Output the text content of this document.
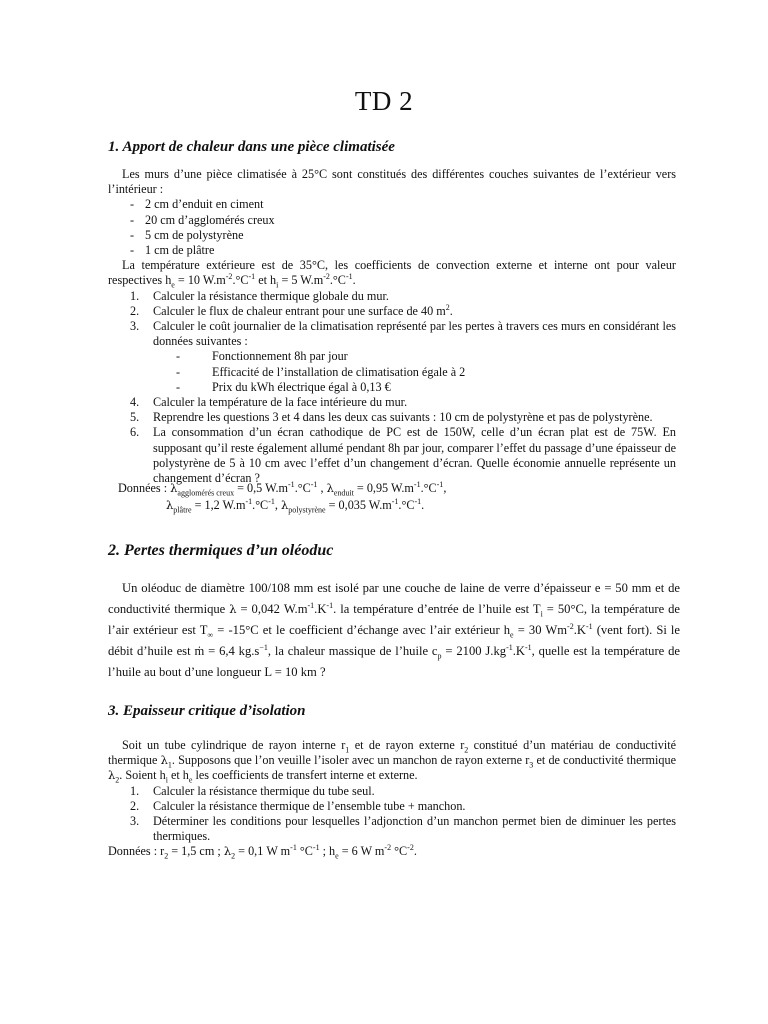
TD 2
1. Apport de chaleur dans une pièce climatisée

Les murs d’une pièce climatisée à 25°C sont constitués des différentes couches suivantes de l’extérieur vers l’intérieur :

- 2 cm d’enduit en ciment
- 20 cm d’agglomérés creux
- 5 cm de polystyrène
- 1 cm de plâtre

La température extérieure est de 35°C, les coefficients de convection externe et interne ont pour valeur respectives $h_e = 10$ $W.m^{-2}.^\circ C^{-1}$ et $h_i = 5$ $W.m^{-2}.^\circ C^{-1}$.

1. Calculer la résistance thermique globale du mur.
2. Calculer le flux de chaleur entrant pour une surface de 40 $m^2$.
3. Calculer le coût journalier de la climatisation représenté par les pertes à travers ces murs en considérant les données suivantes :
- Fonctionnement 8h par jour
- Efficacité de l’installation de climatisation égale à 2
- Prix du kWh électrique égal à 0,13 €
4. Calculer la température de la face intérieure du mur.
5. Reprendre les questions 3 et 4 dans les deux cas suivants : 10 cm de polystyrène et pas de polystyrène.
6. La consommation d’un écran cathodique de PC est de 150W, celle d’un écran plat est de 75W. En supposant qu’il reste également allumé pendant 8h par jour, comparer l’effet du passage d’une épaisseur de polystyrène de 5 à 10 cm avec l’effet d’un changement d’écran. Quelle économie annuelle représente un changement d’écran ?
Données : $\lambda_{agglomérés creux} = 0,5$ $W.m^{-1}.^\circ C^{-1}$ , $\lambda_{enduit} = 0,95$ $W.m^{-1}.^\circ C^{-1}$,
$\lambda_{plâtre} = 1,2$ $W.m^{-1}.^\circ C^{-1}$, $\lambda_{polystyrène} = 0,035$ $W.m^{-1}.^\circ C^{-1}$.
2. Pertes thermiques d’un oléoduc

Un oléoduc de diamètre 100/108 mm est isolé par une couche de laine de verre d’épaisseur e = 50 mm et de conductivité thermique λ = 0,042 $W.m^{-1}.K^{-1}$. la température d’entrée de l’huile est $T_i = 50^\circ C$, la température de l’air extérieur est $T_\infty = -15^\circ C$ et le coefficient d’échange avec l’air extérieur $h_e = 30$ $Wm^{-2}.K^{-1}$ (vent fort). Si le débit d’huile est ṁ = 6,4 $kg.s^{-1}$, la chaleur massique de l’huile $c_p = 2100$ $J.kg^{-1}.K^{-1}$, quelle est la température de l’huile au bout d’une longueur L = 10 km ?

3. Epaisseur critique d’isolation

Soit un tube cylindrique de rayon interne $r_1$ et de rayon externe $r_2$ constitué d’un matériau de conductivité thermique $\lambda_1$. Supposons que l’on veuille l’isoler avec un manchon de rayon externe $r_3$ et de conductivité thermique $\lambda_2$. Soient $h_i$ et $h_e$ les coefficients de transfert interne et externe.

1. Calculer la résistance thermique du tube seul.
2. Calculer la résistance thermique de l’ensemble tube + manchon.
3. Déterminer les conditions pour lesquelles l’adjonction d’un manchon permet bien de diminuer les pertes thermiques.

Données : $r_2 = 1,5$ cm ; $\lambda_2 = 0,1$ W $m^{-1}$ $^\circ C^{-1}$ ; $h_e = 6$ W $m^{-2}$ $^\circ C^{-2}$.
